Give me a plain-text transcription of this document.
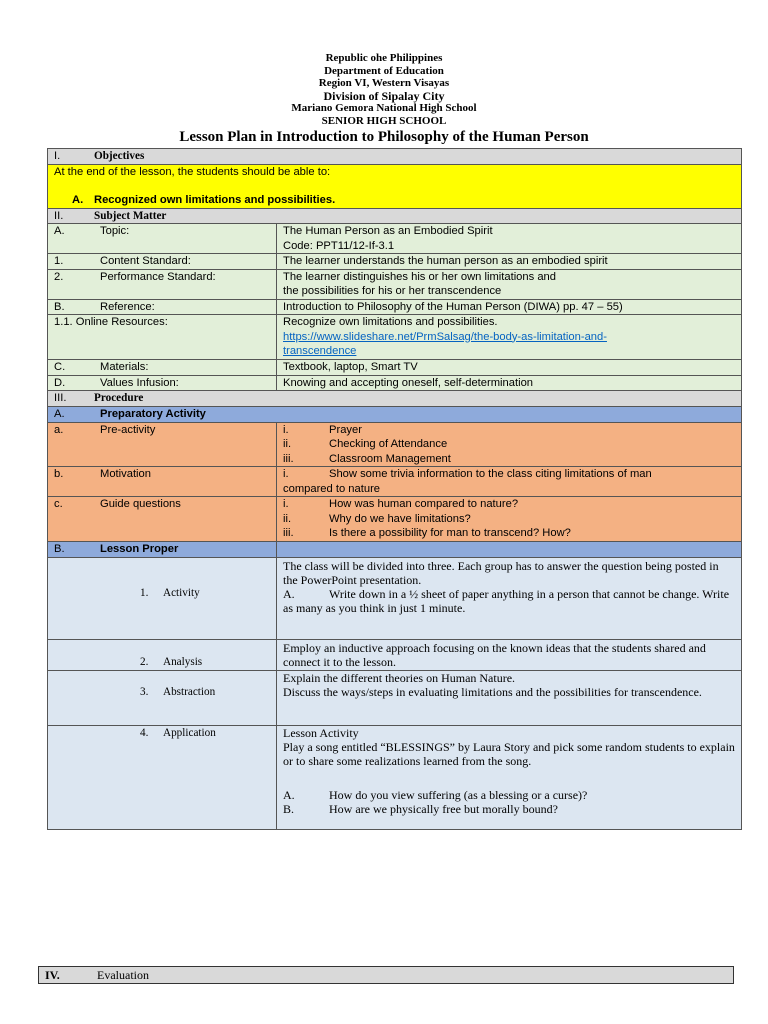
Republic ohe Philippines
Department of Education
Region VI, Western Visayas
Division of Sipalay City
Mariano Gemora National High School
SENIOR HIGH SCHOOL
Lesson Plan in Introduction to Philosophy of the Human Person
I. Objectives	

At the end of the lesson, the students should be able to:
A. Recognized own limitations and possibilities.	

II. Subject Matter	
A. Topic:	The Human Person as an Embodied Spirit
Code: PPT11/12-If-3.1

1. Content Standard:	The learner understands the human person as an embodied spirit
2. Performance Standard:	The learner distinguishes his or her own limitations and
the possibilities for his or her transcendence

B. Reference:	Introduction to Philosophy of the Human Person (DIWA) pp. 47 – 55)
1.1. Online Resources:	Recognize own limitations and possibilities.
https://www.slideshare.net/PrmSalsag/the-body-as-limitation-and-
transcendence

C. Materials:	Textbook, laptop, Smart TV
D. Values Infusion:	Knowing and accepting oneself, self-determination
III. Procedure	
A. Preparatory Activity	
a. Pre-activity	i. Prayer
ii. Checking of Attendance
iii. Classroom Management

b. Motivation	i. Show some trivia information to the class citing limitations of man
compared to nature

c. Guide questions	i. How was human compared to nature?
ii. Why do we have limitations?
iii. Is there a possibility for man to transcend? How?

B. Lesson Proper	
1. Activity	The class will be divided into three. Each group has to answer the question being posted in the PowerPoint presentation.
A. Write down in a ½ sheet of paper anything in a person that cannot be change. Write as many as you think in just 1 minute.

2. Analysis	Employ an inductive approach focusing on the known ideas that the students shared and connect it to the lesson.

3. Abstraction	Explain the different theories on Human Nature.
Discuss the ways/steps in evaluating limitations and the possibilities for transcendence.

4. Application	Lesson Activity
Play a song entitled “BLESSINGS” by Laura Story and pick some random students to explain or to share some realizations learned from the song.
A. How do you view suffering (as a blessing or a curse)?
B. How are we physically free but morally bound?
IV.	Evaluation
